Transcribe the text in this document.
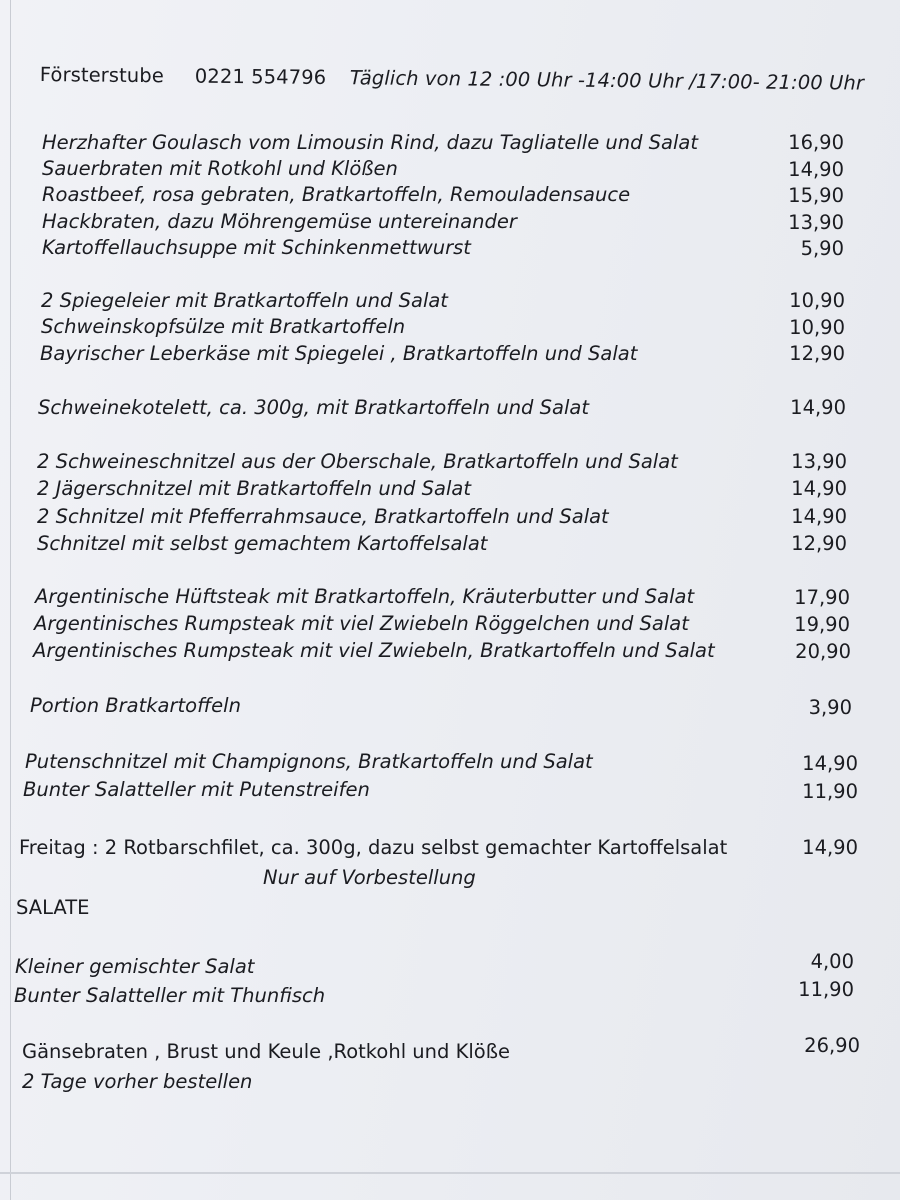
Försterstube 0221 554796 Täglich von 12 :00 Uhr -14:00 Uhr /17:00- 21:00 Uhr
Herzhafter Goulasch vom Limousin Rind, dazu Tagliatelle und Salat	16,90
Sauerbraten mit Rotkohl und Klößen	14,90
Roastbeef, rosa gebraten, Bratkartoffeln, Remouladensauce	15,90
Hackbraten, dazu Möhrengemüse untereinander	13,90
Kartoffellauchsuppe mit Schinkenmettwurst	5,90
2 Spiegeleier mit Bratkartoffeln und Salat	10,90
Schweinskopfsülze mit Bratkartoffeln	10,90
Bayrischer Leberkäse mit Spiegelei , Bratkartoffeln und Salat	12,90
Schweinekotelett, ca. 300g, mit Bratkartoffeln und Salat	14,90
2 Schweineschnitzel aus der Oberschale, Bratkartoffeln und Salat	13,90
2 Jägerschnitzel mit Bratkartoffeln und Salat	14,90
2 Schnitzel mit Pfefferrahmsauce, Bratkartoffeln und Salat	14,90
Schnitzel mit selbst gemachtem Kartoffelsalat	12,90
Argentinische Hüftsteak mit Bratkartoffeln, Kräuterbutter und Salat	17,90
Argentinisches Rumpsteak mit viel Zwiebeln Röggelchen und Salat	19,90
Argentinisches Rumpsteak mit viel Zwiebeln, Bratkartoffeln und Salat	20,90
Portion Bratkartoffeln	3,90
Putenschnitzel mit Champignons, Bratkartoffeln und Salat	14,90
Bunter Salatteller mit Putenstreifen	11,90
Freitag : 2 Rotbarschfilet, ca. 300g, dazu selbst gemachter Kartoffelsalat	14,90
Nur auf Vorbestellung
SALATE
Kleiner gemischter Salat	4,00
Bunter Salatteller mit Thunfisch	11,90
Gänsebraten , Brust und Keule ,Rotkohl und Klöße	26,90
2 Tage vorher bestellen
